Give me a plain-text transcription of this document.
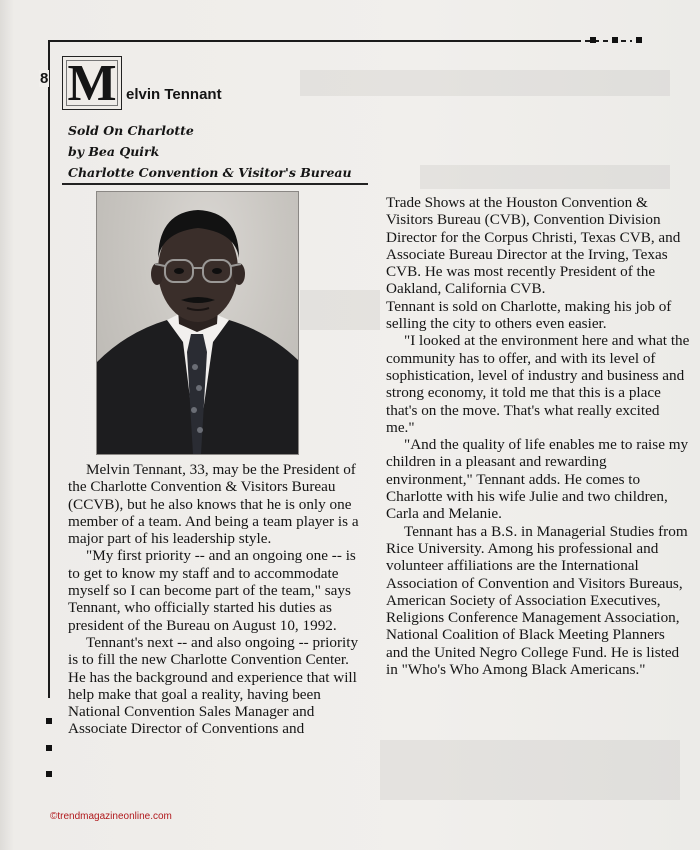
8 M elvin Tennant
Sold On Charlotte
by Bea Quirk
Charlotte Convention & Visitor's Bureau

Melvin Tennant, 33, may be the President of the Charlotte Convention & Visitors Bureau (CCVB), but he also knows that he is only one member of a team. And being a team player is a major part of his leadership style.

"My first priority -- and an ongoing one -- is to get to know my staff and to accommodate myself so I can become part of the team," says Tennant, who officially started his duties as president of the Bureau on August 10, 1992.

Tennant's next -- and also ongoing -- priority is to fill the new Charlotte Convention Center. He has the background and experience that will help make that goal a reality, having been National Convention Sales Manager and Associate Director of Conventions and

Trade Shows at the Houston Convention & Visitors Bureau (CVB), Convention Division Director for the Corpus Christi, Texas CVB, and Associate Bureau Director at the Irving, Texas CVB. He was most recently President of the Oakland, California CVB.

Tennant is sold on Charlotte, making his job of selling the city to others even easier.

"I looked at the environment here and what the community has to offer, and with its level of sophistication, level of industry and business and strong economy, it told me that this is a place that's on the move. That's what really excited me."

"And the quality of life enables me to raise my children in a pleasant and rewarding environment," Tennant adds. He comes to Charlotte with his wife Julie and two children, Carla and Melanie.

Tennant has a B.S. in Managerial Studies from Rice University. Among his professional and volunteer affiliations are the International Association of Convention and Visitors Bureaus, American Society of Association Executives, Religions Conference Management Association, National Coalition of Black Meeting Planners and the United Negro College Fund. He is listed in "Who's Who Among Black Americans."

©trendmagazineonline.com
